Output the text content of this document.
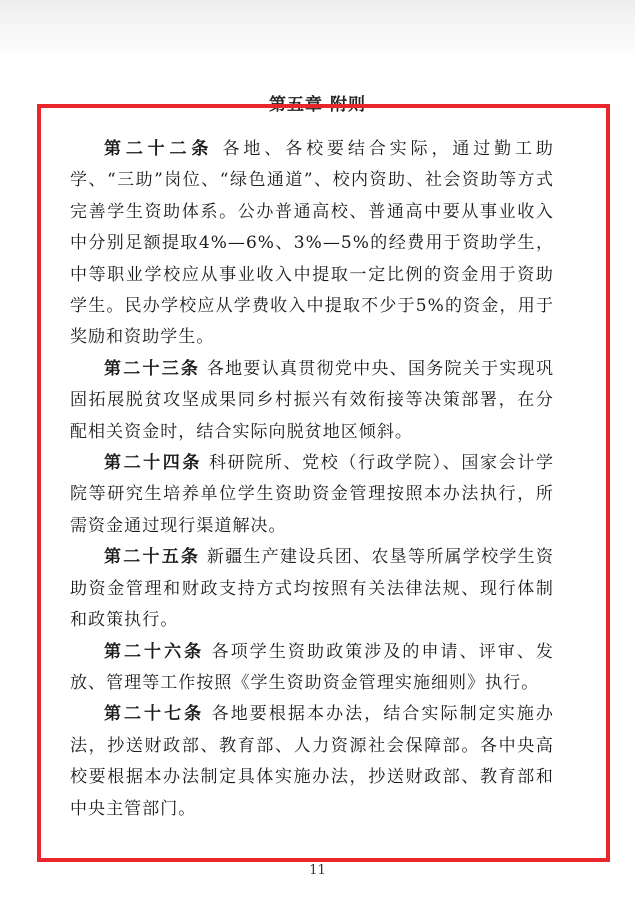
第五章 附则

第二十二条 各地、各校要结合实际，通过勤工助学、“三助”岗位、“绿色通道”、校内资助、社会资助等方式完善学生资助体系。公办普通高校、普通高中要从事业收入中分别足额提取4%—6%、3%—5%的经费用于资助学生，中等职业学校应从事业收入中提取一定比例的资金用于资助学生。民办学校应从学费收入中提取不少于5%的资金，用于奖励和资助学生。

第二十三条 各地要认真贯彻党中央、国务院关于实现巩固拓展脱贫攻坚成果同乡村振兴有效衔接等决策部署，在分配相关资金时，结合实际向脱贫地区倾斜。

第二十四条 科研院所、党校（行政学院）、国家会计学院等研究生培养单位学生资助资金管理按照本办法执行，所需资金通过现行渠道解决。

第二十五条 新疆生产建设兵团、农垦等所属学校学生资助资金管理和财政支持方式均按照有关法律法规、现行体制和政策执行。

第二十六条 各项学生资助政策涉及的申请、评审、发放、管理等工作按照《学生资助资金管理实施细则》执行。

第二十七条 各地要根据本办法，结合实际制定实施办法，抄送财政部、教育部、人力资源社会保障部。各中央高校要根据本办法制定具体实施办法，抄送财政部、教育部和中央主管部门。

11
